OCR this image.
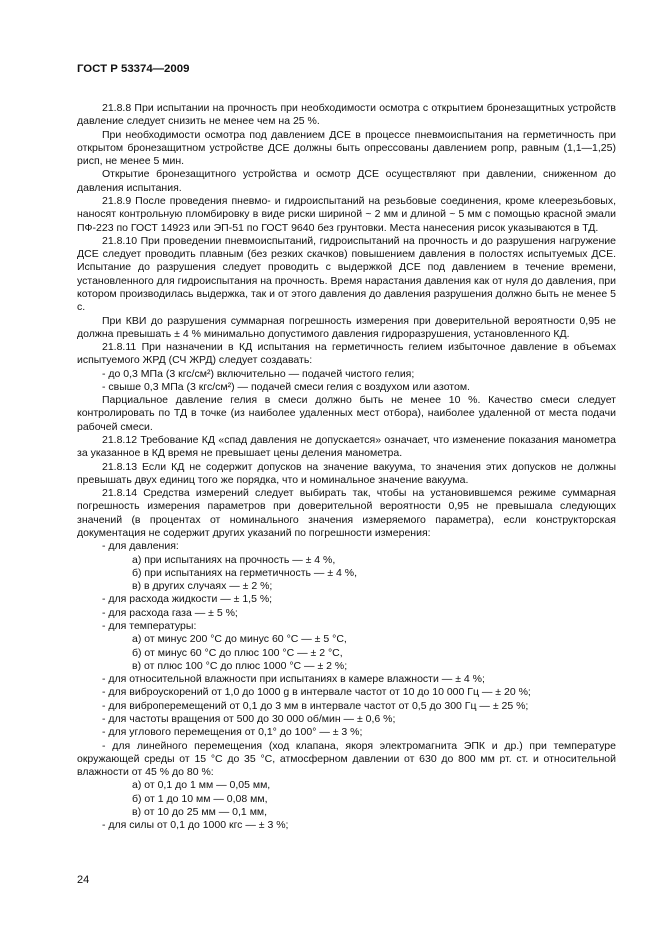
ГОСТ Р 53374—2009

21.8.8 При испытании на прочность при необходимости осмотра с открытием бронезащитных устройств давление следует снизить не менее чем на 25 %.

При необходимости осмотра под давлением ДСЕ в процессе пневмоиспытания на герметичность при открытом бронезащитном устройстве ДСЕ должны быть опрессованы давлением pопр, равным (1,1—1,25) pисп, не менее 5 мин.

Открытие бронезащитного устройства и осмотр ДСЕ осуществляют при давлении, сниженном до давления испытания.

21.8.9 После проведения пневмо- и гидроиспытаний на резьбовые соединения, кроме клеерезьбовых, наносят контрольную пломбировку в виде риски шириной ~ 2 мм и длиной ~ 5 мм с помощью красной эмали ПФ-223 по ГОСТ 14923 или ЭП-51 по ГОСТ 9640 без грунтовки. Места нанесения рисок указываются в ТД.

21.8.10 При проведении пневмоиспытаний, гидроиспытаний на прочность и до разрушения нагружение ДСЕ следует проводить плавным (без резких скачков) повышением давления в полостях испытуемых ДСЕ. Испытание до разрушения следует проводить с выдержкой ДСЕ под давлением в течение времени, установленного для гидроиспытания на прочность. Время нарастания давления как от нуля до давления, при котором производилась выдержка, так и от этого давления до давления разрушения должно быть не менее 5 с.

При КВИ до разрушения суммарная погрешность измерения при доверительной вероятности 0,95 не должна превышать ± 4 % минимально допустимого давления гидроразрушения, установленного КД.

21.8.11 При назначении в КД испытания на герметичность гелием избыточное давление в объемах испытуемого ЖРД (СЧ ЖРД) следует создавать:

- до 0,3 МПа (3 кгс/см²) включительно — подачей чистого гелия;

- свыше 0,3 МПа (3 кгс/см²) — подачей смеси гелия с воздухом или азотом.

Парциальное давление гелия в смеси должно быть не менее 10 %. Качество смеси следует контролировать по ТД в точке (из наиболее удаленных мест отбора), наиболее удаленной от места подачи рабочей смеси.

21.8.12 Требование КД «спад давления не допускается» означает, что изменение показания манометра за указанное в КД время не превышает цены деления манометра.

21.8.13 Если КД не содержит допусков на значение вакуума, то значения этих допусков не должны превышать двух единиц того же порядка, что и номинальное значение вакуума.

21.8.14 Средства измерений следует выбирать так, чтобы на установившемся режиме суммарная погрешность измерения параметров при доверительной вероятности 0,95 не превышала следующих значений (в процентах от номинального значения измеряемого параметра), если конструкторская документация не содержит других указаний по погрешности измерения:

- для давления:

а) при испытаниях на прочность — ± 4 %,

б) при испытаниях на герметичность — ± 4 %,

в) в других случаях — ± 2 %;

- для расхода жидкости — ± 1,5 %;

- для расхода газа — ± 5 %;

- для температуры:

а) от минус 200 °С до минус 60 °С — ± 5 °С,

б) от минус 60 °С до плюс 100 °С — ± 2 °С,

в) от плюс 100 °С до плюс 1000 °С — ± 2 %;

- для относительной влажности при испытаниях в камере влажности — ± 4 %;

- для виброускорений от 1,0 до 1000 g в интервале частот от 10 до 10 000 Гц — ± 20 %;

- для виброперемещений от 0,1 до 3 мм в интервале частот от 0,5 до 300 Гц — ± 25 %;

- для частоты вращения от 500 до 30 000 об/мин — ± 0,6 %;

- для углового перемещения от 0,1° до 100° — ± 3 %;

- для линейного перемещения (ход клапана, якоря электромагнита ЭПК и др.) при температуре окружающей среды от 15 °С до 35 °С, атмосферном давлении от 630 до 800 мм рт. ст. и относительной влажности от 45 % до 80 %:

а) от 0,1 до 1 мм — 0,05 мм,

б) от 1 до 10 мм — 0,08 мм,

в) от 10 до 25 мм — 0,1 мм,

- для силы от 0,1 до 1000 кгс — ± 3 %;

24
